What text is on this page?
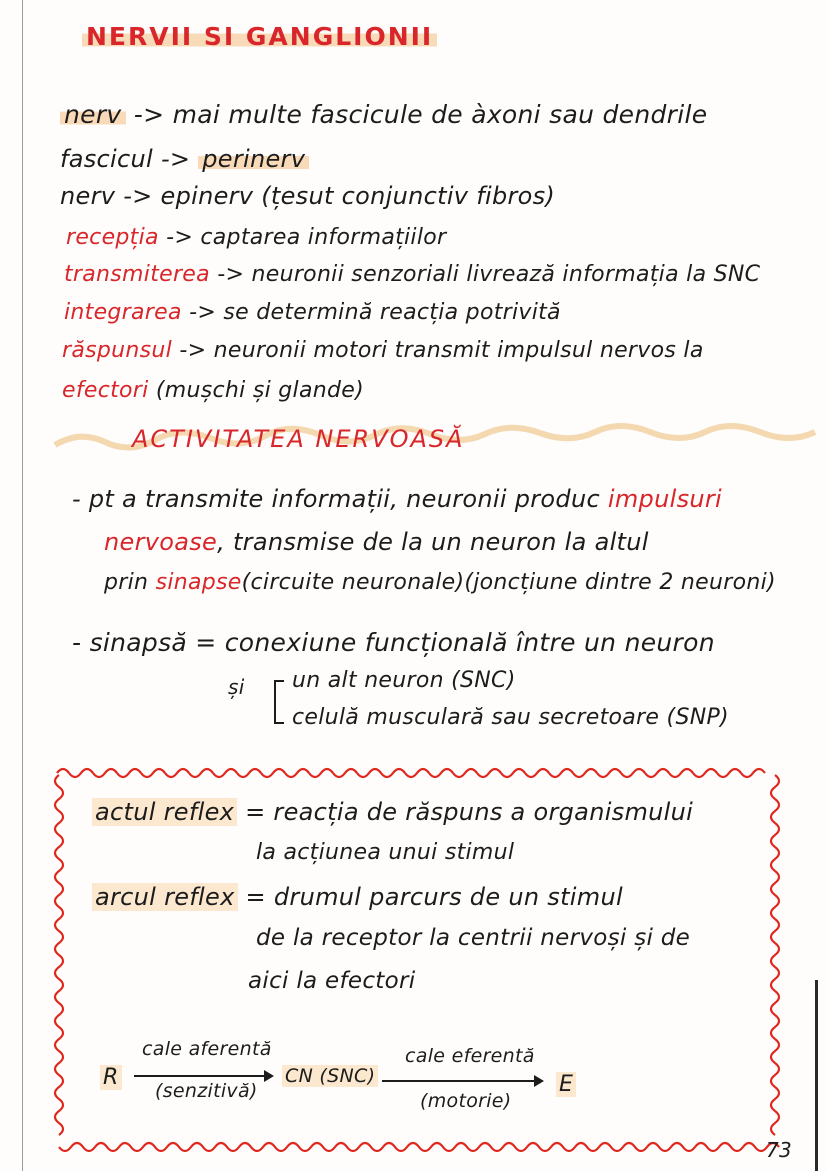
NERVII SI GANGLIONII
nerv -> mai multe fascicule de àxoni sau dendrile
fascicul -> perinerv
nerv -> epinerv (țesut conjunctiv fibros)
recepția -> captarea informațiilor
transmiterea -> neuronii senzoriali livrează informația la SNC
integrarea -> se determină reacția potrivită
răspunsul -> neuronii motori transmit impulsul nervos la
efectori (mușchi și glande)
ACTIVITATEA NERVOASĂ
- pt a transmite informații, neuronii produc impulsuri
nervoase, transmise de la un neuron la altul
prin sinapse(circuite neuronale)(joncțiune dintre 2 neuroni)
- sinapsă = conexiune funcțională între un neuron
și un alt neuron (SNC)
celulă musculară sau secretoare (SNP)
actul reflex = reacția de răspuns a organismului
la acțiunea unui stimul
arcul reflex = drumul parcurs de un stimul
de la receptor la centrii nervoși și de
aici la efectori
R
cale aferentă
(senzitivă)
CN (SNC)
cale eferentă
(motorie)
E
73
